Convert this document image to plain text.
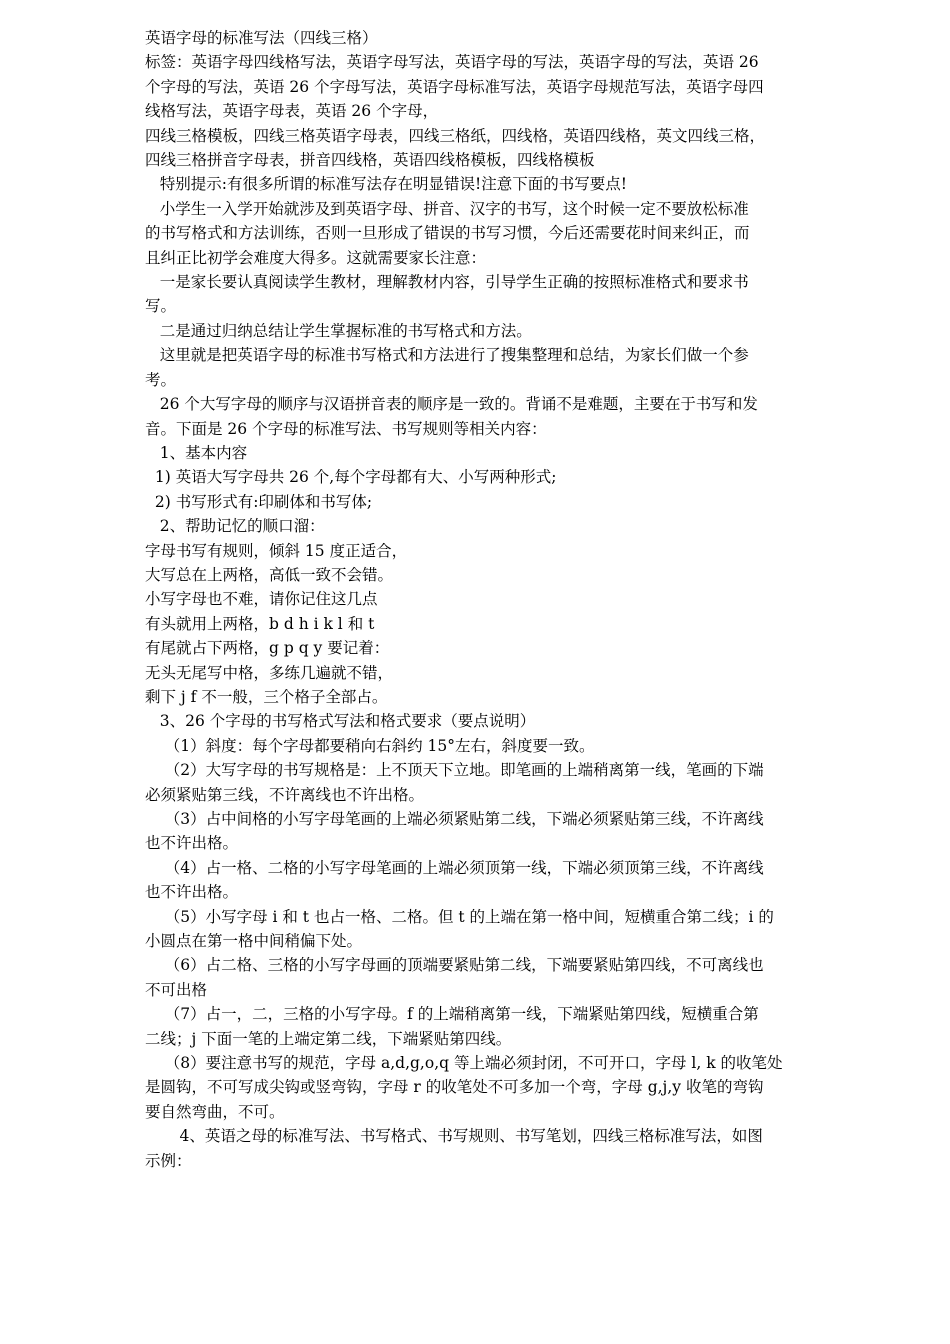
英语字母的标准写法（四线三格）

标签：英语字母四线格写法，英语字母写法，英语字母的写法，英语字母的写法，英语 26

个字母的写法，英语 26 个字母写法，英语字母标准写法，英语字母规范写法，英语字母四

线格写法，英语字母表，英语 26 个字母，

四线三格模板，四线三格英语字母表，四线三格纸，四线格，英语四线格，英文四线三格，

四线三格拼音字母表，拼音四线格，英语四线格模板，四线格模板

特别提示:有很多所谓的标准写法存在明显错误!注意下面的书写要点!

小学生一入学开始就涉及到英语字母、拼音、汉字的书写，这个时候一定不要放松标准

的书写格式和方法训练，否则一旦形成了错误的书写习惯，今后还需要花时间来纠正，而

且纠正比初学会难度大得多。这就需要家长注意：

一是家长要认真阅读学生教材，理解教材内容，引导学生正确的按照标准格式和要求书

写。

二是通过归纳总结让学生掌握标准的书写格式和方法。

这里就是把英语字母的标准书写格式和方法进行了搜集整理和总结，为家长们做一个参

考。

26 个大写字母的顺序与汉语拼音表的顺序是一致的。背诵不是难题，主要在于书写和发

音。下面是 26 个字母的标准写法、书写规则等相关内容：

1、基本内容

1) 英语大写字母共 26 个,每个字母都有大、小写两种形式;

2) 书写形式有:印刷体和书写体;

2、帮助记忆的顺口溜：

字母书写有规则，倾斜 15 度正适合，

大写总在上两格，高低一致不会错。

小写字母也不难，请你记住这几点

有头就用上两格，b d h i k l 和 t

有尾就占下两格，g p q y 要记着：

无头无尾写中格，多练几遍就不错，

剩下 j f 不一般，三个格子全部占。

3、26 个字母的书写格式写法和格式要求（要点说明）

（1）斜度：每个字母都要稍向右斜约 15°左右，斜度要一致。

（2）大写字母的书写规格是：上不顶天下立地。即笔画的上端稍离第一线，笔画的下端

必须紧贴第三线，不许离线也不许出格。

（3）占中间格的小写字母笔画的上端必须紧贴第二线，下端必须紧贴第三线，不许离线

也不许出格。

（4）占一格、二格的小写字母笔画的上端必须顶第一线，下端必须顶第三线，不许离线

也不许出格。

（5）小写字母 i 和 t 也占一格、二格。但 t 的上端在第一格中间，短横重合第二线；i 的

小圆点在第一格中间稍偏下处。

（6）占二格、三格的小写字母画的顶端要紧贴第二线，下端要紧贴第四线，不可离线也

不可出格

（7）占一，二，三格的小写字母。f 的上端稍离第一线，下端紧贴第四线，短横重合第

二线；j 下面一笔的上端定第二线，下端紧贴第四线。

（8）要注意书写的规范，字母 a,d,g,o,q 等上端必须封闭，不可开口，字母 l, k 的收笔处

是圆钩，不可写成尖钩或竖弯钩，字母 r 的收笔处不可多加一个弯，字母 g,j,y 收笔的弯钩

要自然弯曲，不可。

4、英语之母的标准写法、书写格式、书写规则、书写笔划，四线三格标准写法，如图

示例：
